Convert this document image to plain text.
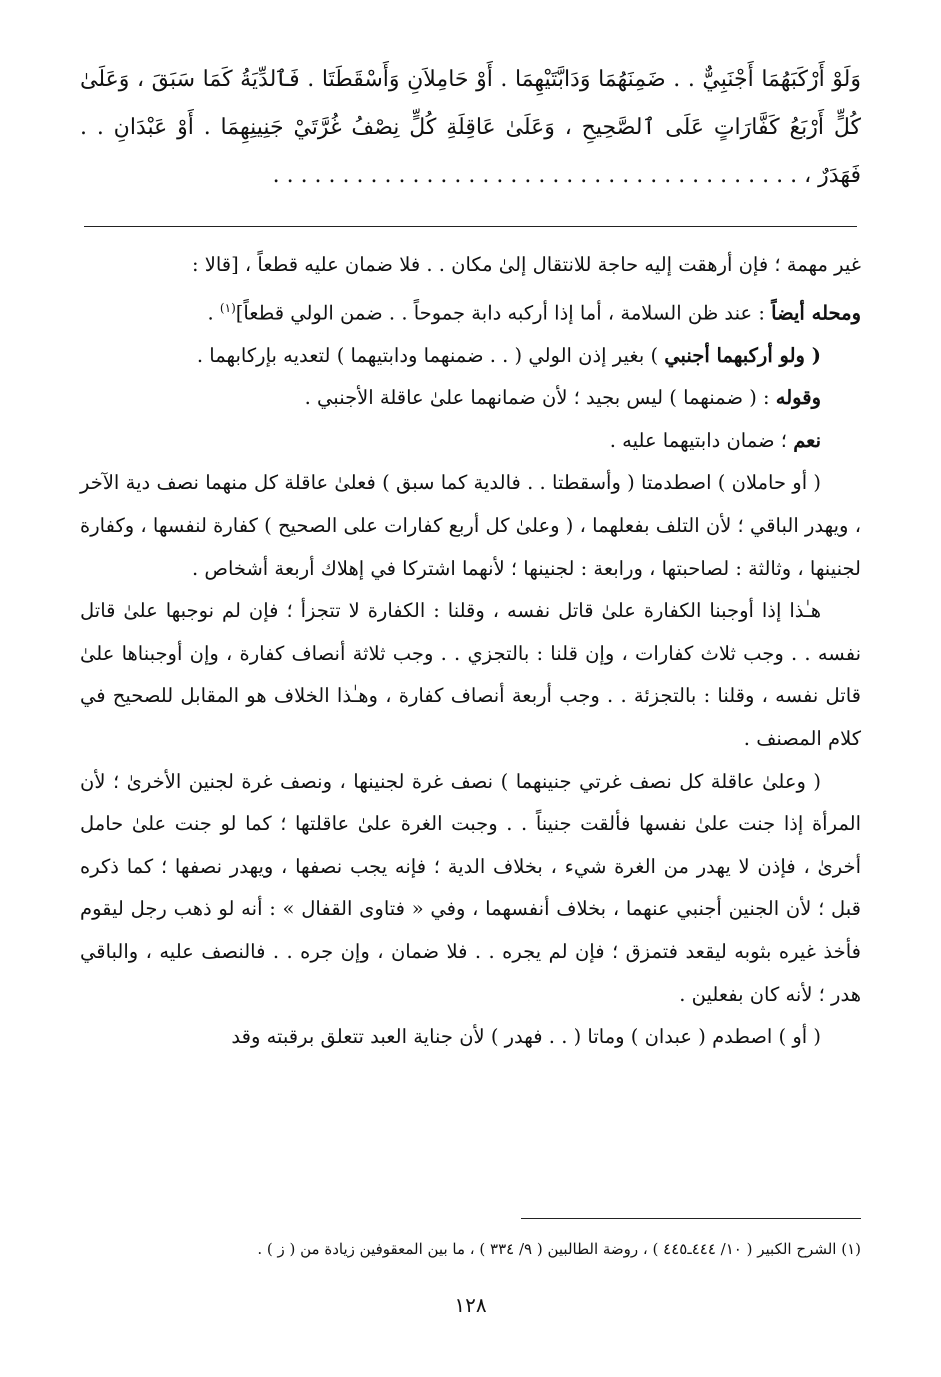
وَلَوْ أَرْكَبَهُمَا أَجْنَبِيٌّ . . ضَمِنَهُمَا وَدَابَّتَيْهِمَا . أَوْ حَامِلاَنِ وَأَسْقَطَتَا . فَٱلدِّيَةُ كَمَا سَبَقَ ، وَعَلَىٰ كُلٍّ أَرْبَعُ كَفَّارَاتٍ عَلَى ٱلصَّحِيحِ ، وَعَلَىٰ عَاقِلَةِ كُلٍّ نِصْفُ غُرَّتَيْ جَنِينِهِمَا . أَوْ عَبْدَانِ . . فَهَدَرٌ ، . . . . . . . . . . . . . . . . . . . . . . . . . . . . . . . . . . . . . .

غير مهمة ؛ فإن أرهقت إليه حاجة للانتقال إلىٰ مكان . . فلا ضمان عليه قطعاً ، [قالا :

ومحله أيضاً : عند ظن السلامة ، أما إذا أركبه دابة جموحاً . . ضمن الولي قطعاً]$^{(١)}$ .

( ولو أركبهما أجنبي ) بغير إذن الولي ( . . ضمنهما ودابتيهما ) لتعديه بإركابهما .

وقوله : ( ضمنهما ) ليس بجيد ؛ لأن ضمانهما علىٰ عاقلة الأجنبي .

نعم ؛ ضمان دابتيهما عليه .

( أو حاملان ) اصطدمتا ( وأسقطتا . . فالدية كما سبق ) فعلىٰ عاقلة كل منهما نصف دية الآخر ، ويهدر الباقي ؛ لأن التلف بفعلهما ، ( وعلىٰ كل أربع كفارات على الصحيح ) كفارة لنفسها ، وكفارة لجنينها ، وثالثة : لصاحبتها ، ورابعة : لجنينها ؛ لأنهما اشتركا في إهلاك أربعة أشخاص .

هـٰذا إذا أوجبنا الكفارة علىٰ قاتل نفسه ، وقلنا : الكفارة لا تتجزأ ؛ فإن لم نوجبها علىٰ قاتل نفسه . . وجب ثلاث كفارات ، وإن قلنا : بالتجزي . . وجب ثلاثة أنصاف كفارة ، وإن أوجبناها علىٰ قاتل نفسه ، وقلنا : بالتجزئة . . وجب أربعة أنصاف كفارة ، وهـٰذا الخلاف هو المقابل للصحيح في كلام المصنف .

( وعلىٰ عاقلة كل نصف غرتي جنينهما ) نصف غرة لجنينها ، ونصف غرة لجنين الأخرىٰ ؛ لأن المرأة إذا جنت علىٰ نفسها فألقت جنيناً . . وجبت الغرة علىٰ عاقلتها ؛ كما لو جنت علىٰ حامل أخرىٰ ، فإذن لا يهدر من الغرة شيء ، بخلاف الدية ؛ فإنه يجب نصفها ، ويهدر نصفها ؛ كما ذكره قبل ؛ لأن الجنين أجنبي عنهما ، بخلاف أنفسهما ، وفي « فتاوى القفال » : أنه لو ذهب رجل ليقوم فأخذ غيره بثوبه ليقعد فتمزق ؛ فإن لم يجره . . فلا ضمان ، وإن جره . . فالنصف عليه ، والباقي هدر ؛ لأنه كان بفعلين .

( أو ) اصطدم ( عبدان ) وماتا ( . . فهدر ) لأن جناية العبد تتعلق برقبته وقد

(١) الشرح الكبير ( ١٠/ ٤٤٤ـ٤٤٥ ) ، روضة الطالبين ( ٩/ ٣٣٤ ) ، ما بين المعقوفين زيادة من ( ز ) .
١٢٨
